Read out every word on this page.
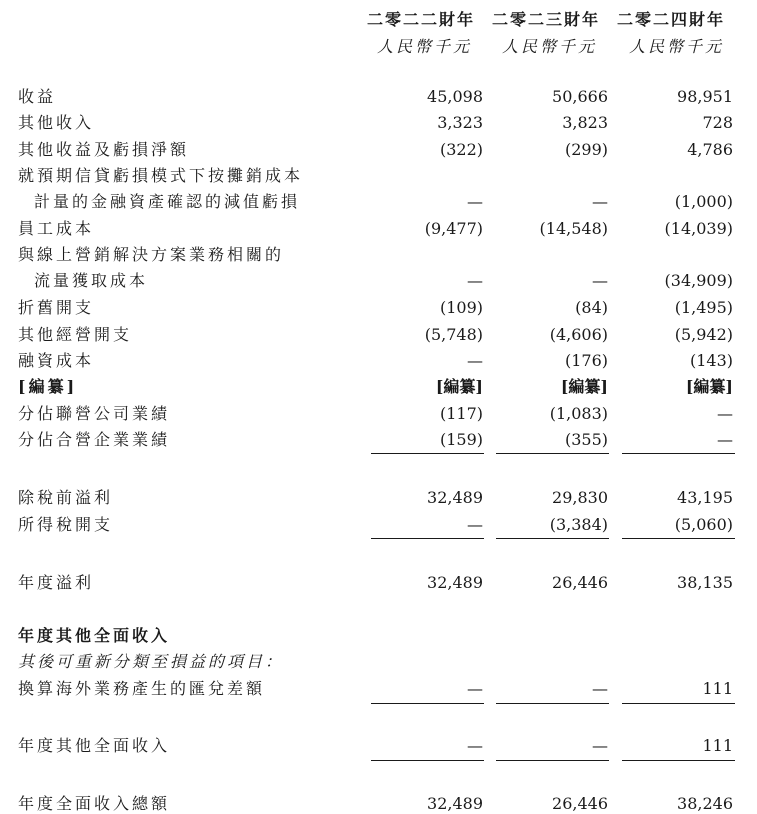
二零二二財年 二零二三財年 二零二四財年
人民幣千元 人民幣千元 人民幣千元
收益	45,098	50,666	98,951
其他收入	3,323	3,823	728
其他收益及虧損淨額	(322)	(299)	4,786
就預期信貸虧損模式下按攤銷成本
計量的金融資產確認的減值虧損	—	—	(1,000)
員工成本	(9,477)	(14,548)	(14,039)
與線上營銷解決方案業務相關的
流量獲取成本	—	—	(34,909)
折舊開支	(109)	(84)	(1,495)
其他經營開支	(5,748)	(4,606)	(5,942)
融資成本	—	(176)	(143)
[編纂]	[編纂]	[編纂]	[編纂]
分佔聯營公司業績	(117)	(1,083)	—
分佔合營企業業績	(159)	(355)	—
除稅前溢利	32,489	29,830	43,195
所得稅開支	—	(3,384)	(5,060)
年度溢利	32,489	26,446	38,135
年度其他全面收入
其後可重新分類至損益的項目：
換算海外業務產生的匯兌差額	—	—	111
年度其他全面收入	—	—	111
年度全面收入總額	32,489	26,446	38,246
